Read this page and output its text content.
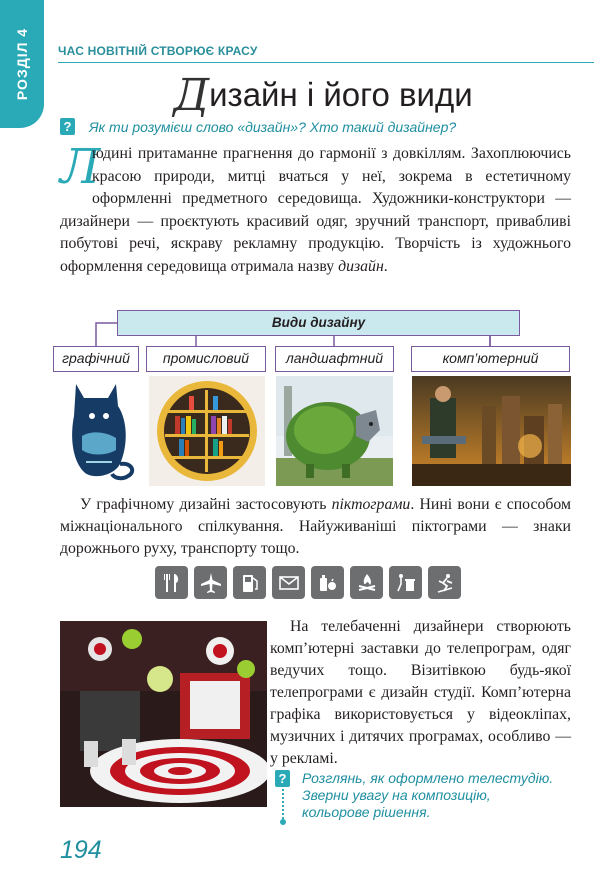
РОЗДІЛ 4 ЧАС НОВІТНІЙ СТВОРЮЄ КРАСУ
Дизайн і його види
? Як ти розумієш слово «дизайн»? Хто такий дизайнер?
Л
юдині притаманне прагнення до гармонії з довкіллям. Захоплюючись красою природи, митці вчаться у неї, зокрема в естетичному оформленні предметного середовища. Художники-конструктори — дизайнери — проєктують красивий одяг, зручний транспорт, привабливі побутові речі, яскраву рекламну продукцію. Творчість із художнього оформлення середовища отримала назву дизайн.
Види дизайну
графічний	промисловий	ландшафтний	комп’ютерний
У графічному дизайні застосовують піктограми. Нині вони є способом міжнаціонального спілкування. Найуживаніші піктограми — знаки дорожнього руху, транспорту тощо.
На телебаченні дизайнери створюють комп’ютерні заставки до телепрограм, одяг ведучих тощо. Візитівкою будь-якої телепрограми є дизайн студії. Комп’ютерна графіка використовується у відеокліпах, музичних і дитячих програмах, особливо — у рекламі.
? Розглянь, як оформлено телестудію.
Зверни увагу на композицію,
кольорове рішення.
194
